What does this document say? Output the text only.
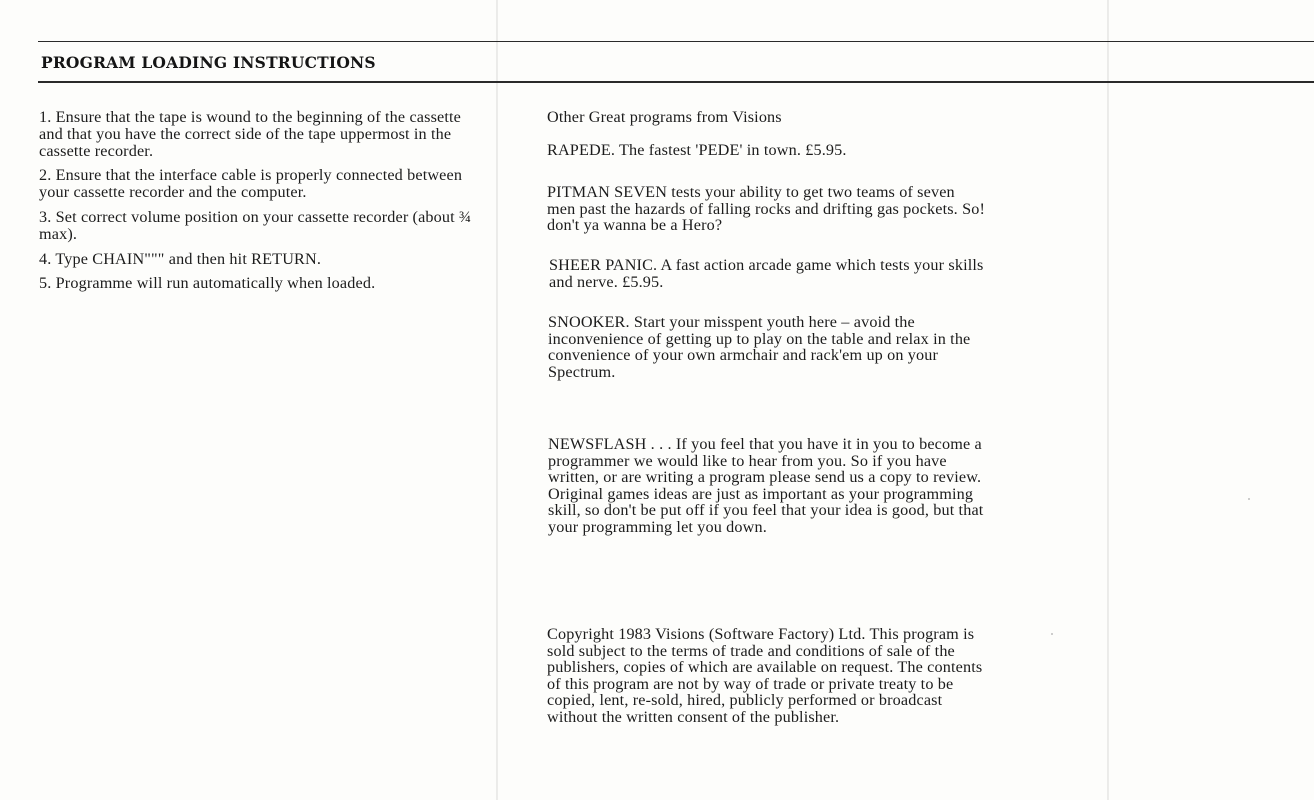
PROGRAM LOADING INSTRUCTIONS
1. Ensure that the tape is wound to the beginning of the cassette and that you have the correct side of the tape uppermost in the cassette recorder.
2. Ensure that the interface cable is properly connected between your cassette recorder and the computer.
3. Set correct volume position on your cassette recorder (about ¾ max).
4. Type CHAIN""" and then hit RETURN.
5. Programme will run automatically when loaded.

Other Great programs from Visions

RAPEDE. The fastest 'PEDE' in town. £5.95.

PITMAN SEVEN tests your ability to get two teams of seven men past the hazards of falling rocks and drifting gas pockets. So! don't ya wanna be a Hero?

SHEER PANIC. A fast action arcade game which tests your skills and nerve. £5.95.

SNOOKER. Start your misspent youth here – avoid the inconvenience of getting up to play on the table and relax in the convenience of your own armchair and rack'em up on your Spectrum.

NEWSFLASH . . . If you feel that you have it in you to become a programmer we would like to hear from you. So if you have written, or are writing a program please send us a copy to review. Original games ideas are just as important as your programming skill, so don't be put off if you feel that your idea is good, but that your programming let you down.

Copyright 1983 Visions (Software Factory) Ltd. This program is sold subject to the terms of trade and conditions of sale of the publishers, copies of which are available on request. The contents of this program are not by way of trade or private treaty to be copied, lent, re-sold, hired, publicly performed or broadcast without the written consent of the publisher.
